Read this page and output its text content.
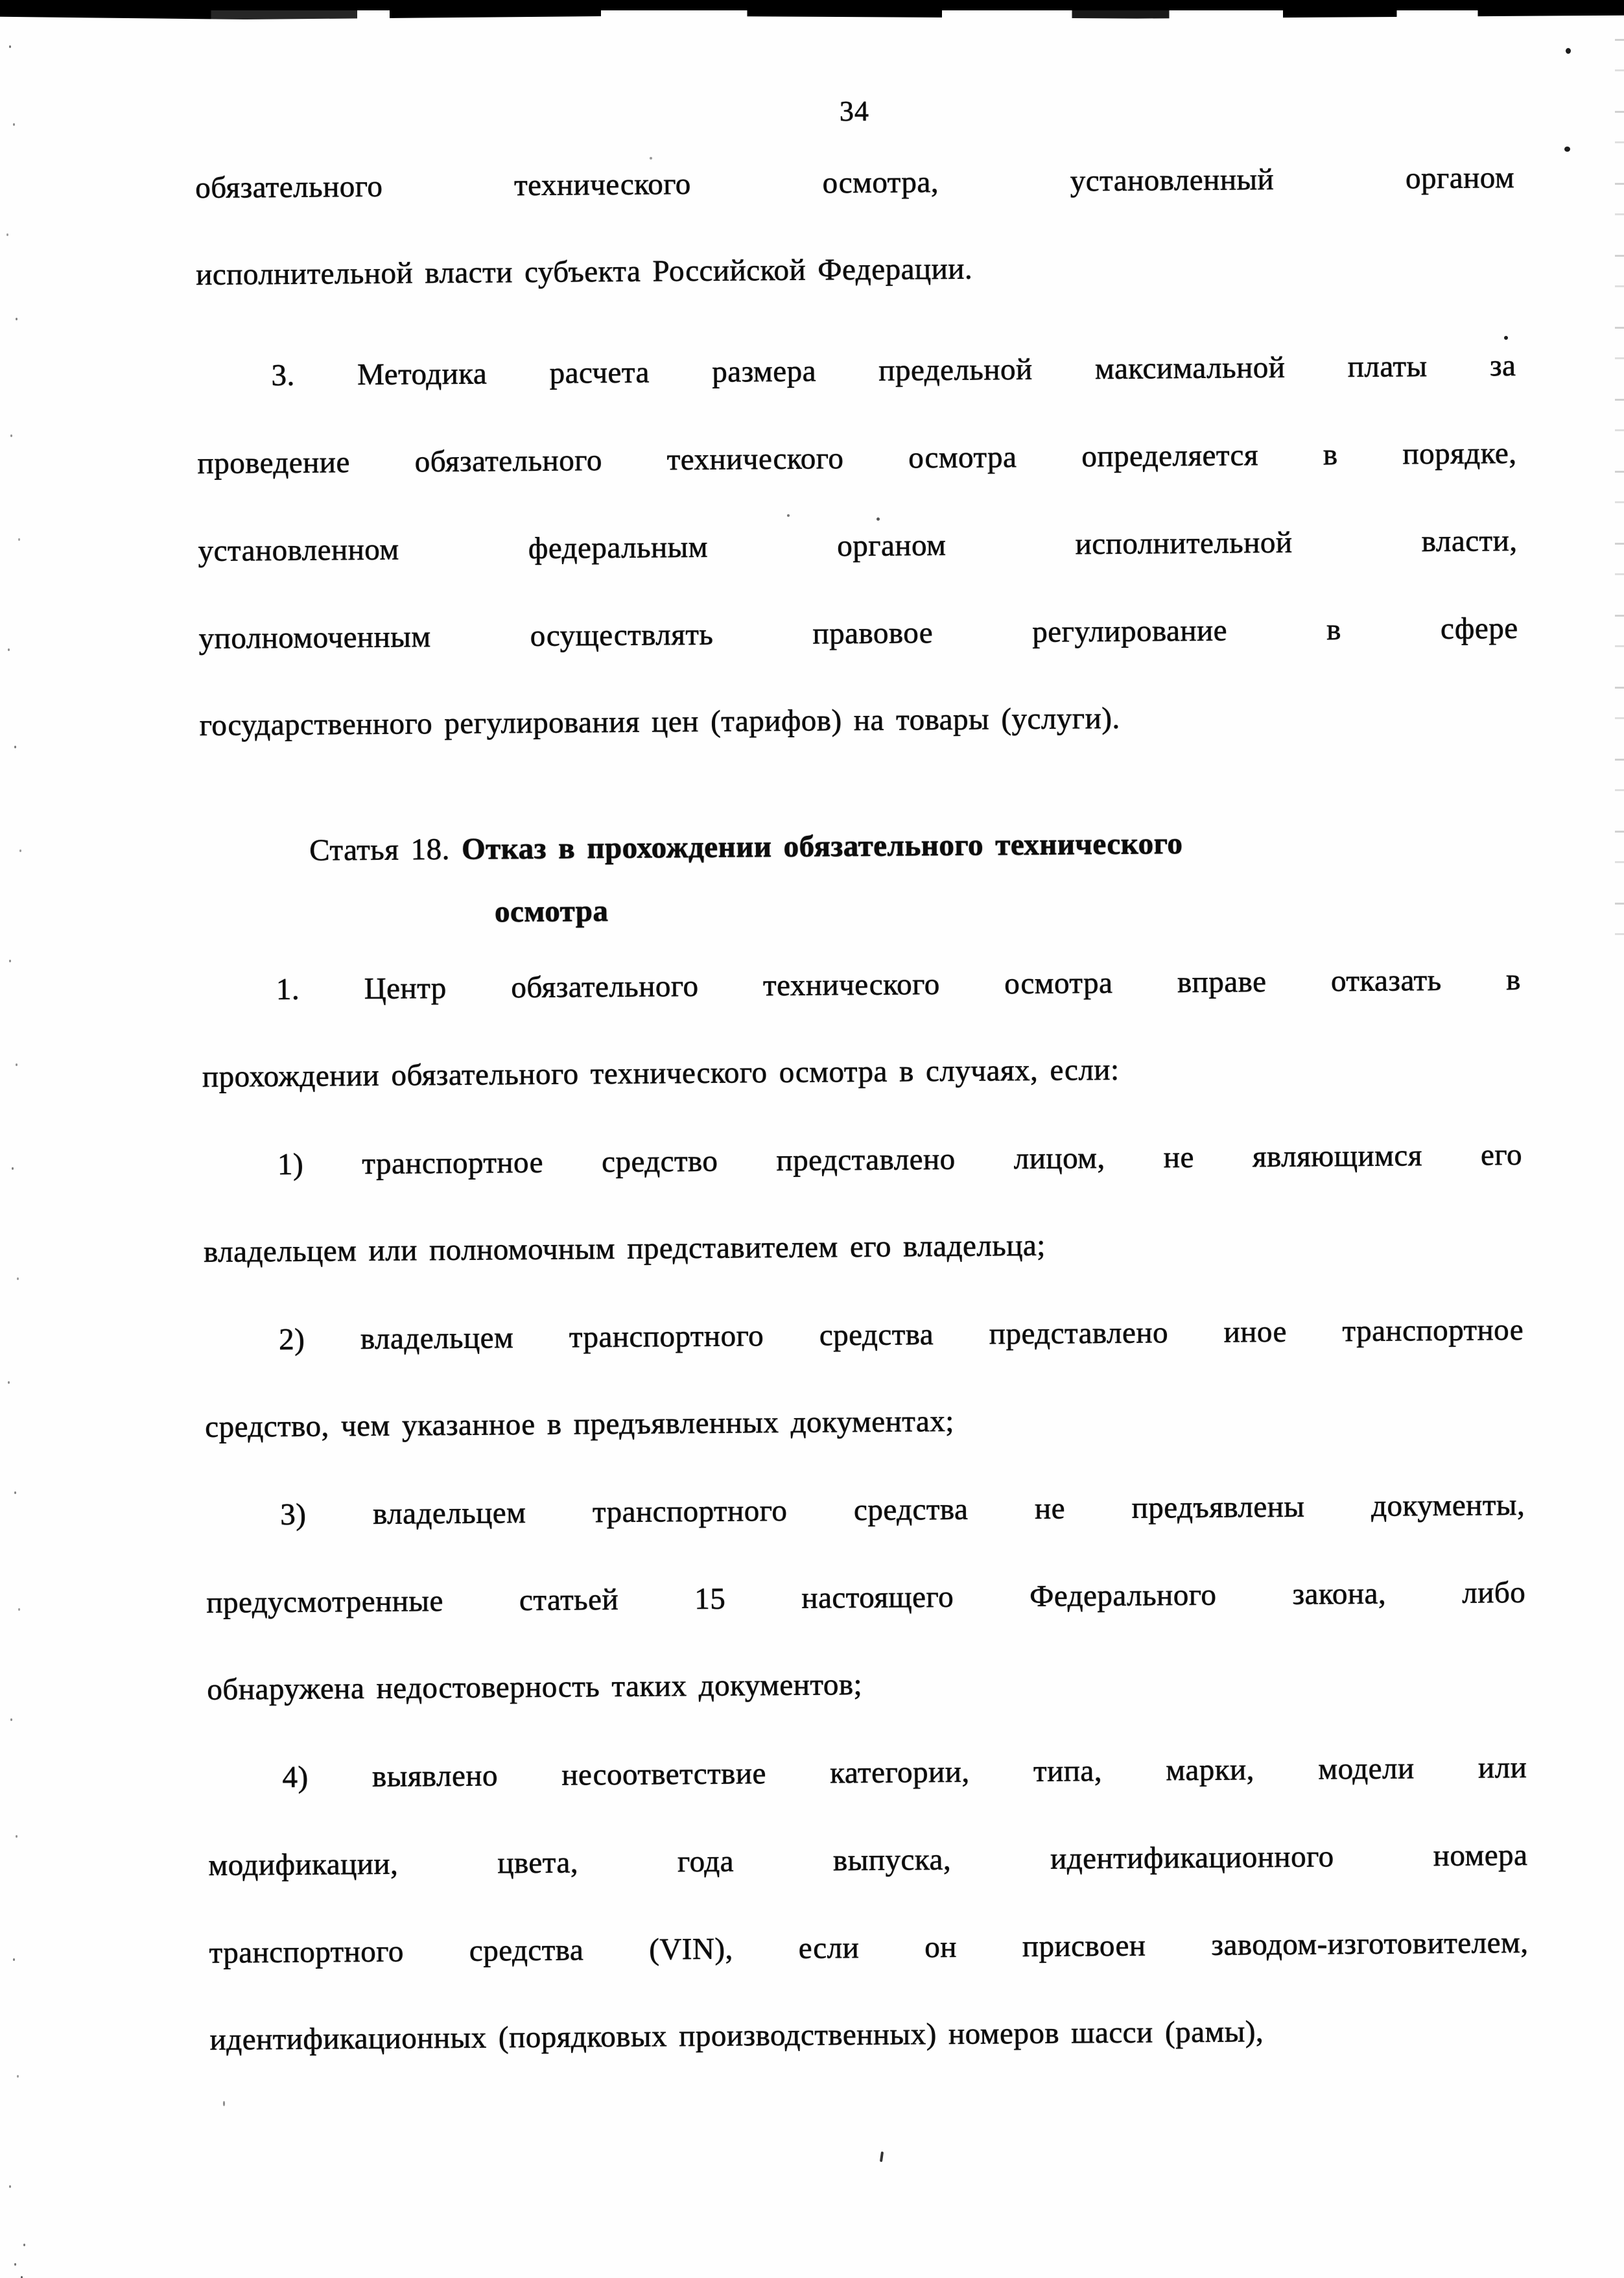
34
обязательного	технического	осмотра,	установленный	органом
исполнительной власти субъекта Российской Федерации.
3. Методика расчета размера предельной максимальной платы за
проведение обязательного технического осмотра определяется в порядке,
установленном	федеральным	органом	исполнительной	власти,
уполномоченным	осуществлять	правовое	регулирование	в	сфере
государственного регулирования цен (тарифов) на товары (услуги).
Статья 18. Отказ в прохождении обязательного технического
осмотра
1. Центр обязательного технического осмотра вправе отказать в
прохождении обязательного технического осмотра в случаях, если:
1) транспортное средство представлено лицом, не являющимся его
владельцем или полномочным представителем его владельца;
2) владельцем транспортного средства представлено иное транспортное
средство, чем указанное в предъявленных документах;
3) владельцем транспортного средства не предъявлены документы,
предусмотренные статьей 15 настоящего Федерального закона, либо
обнаружена недостоверность таких документов;
4) выявлено несоответствие категории, типа, марки, модели или
модификации,	цвета,	года	выпуска,	идентификационного	номера
транспортного средства (VIN), если он присвоен заводом-изготовителем,
идентификационных (порядковых производственных) номеров шасси (рамы),
